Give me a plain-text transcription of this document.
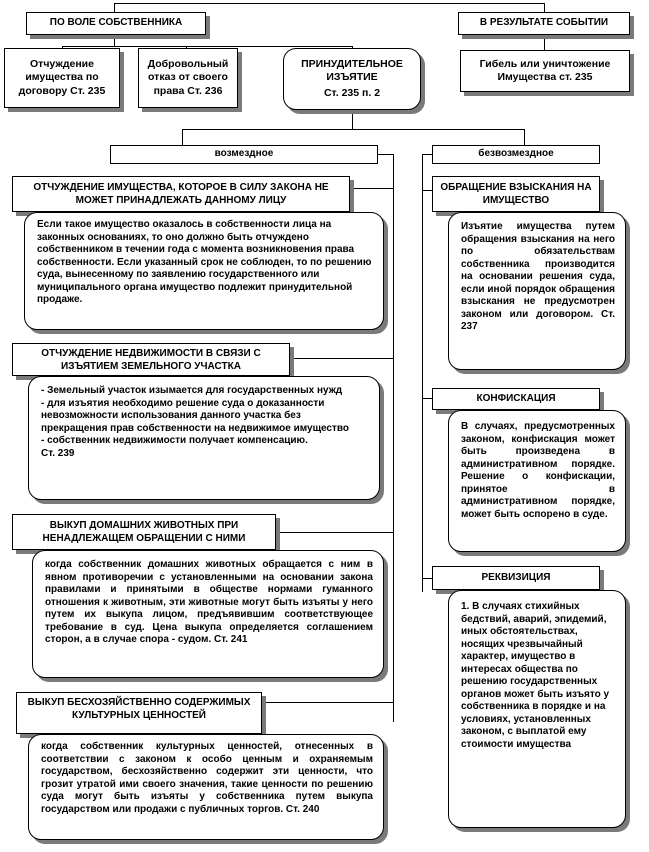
ПО ВОЛЕ СОБСТВЕННИКА	В РЕЗУЛЬТАТЕ СОБЫТИИ
Отчуждение имущества по договору Ст. 235
Добровольный отказ от своего права Ст. 236
ПРИНУДИТЕЛЬНОЕ ИЗЪЯТИЕ
Ст. 235 п. 2
Гибель или уничтожение Имущества ст. 235
возмездное	безвозмездное
ОТЧУЖДЕНИЕ ИМУЩЕСТВА, КОТОРОЕ В СИЛУ ЗАКОНА НЕ МОЖЕТ ПРИНАДЛЕЖАТЬ ДАННОМУ ЛИЦУ
Если такое имущество оказалось в собственности лица на законных основаниях, то оно должно быть отчуждено собственником в течении года с момента возникновения права собственности. Если указанный срок не соблюден, то по решению суда, вынесенному по заявлению государственного или муниципального органа имущество подлежит принудительной продаже.
ОТЧУЖДЕНИЕ НЕДВИЖИМОСТИ В СВЯЗИ С ИЗЪЯТИЕМ ЗЕМЕЛЬНОГО УЧАСТКА
- Земельный участок изымается для государственных нужд
- для изъятия необходимо решение суда о доказанности невозможности использования данного участка без прекращения прав собственности на недвижимое имущество
- собственник недвижимости получает компенсацию.
Ст. 239
ВЫКУП ДОМАШНИХ ЖИВОТНЫХ ПРИ НЕНАДЛЕЖАЩЕМ ОБРАЩЕНИИ С НИМИ
когда собственник домашних животных обращается с ним в явном противоречии с установленными на основании закона правилами и принятыми в обществе нормами гуманного отношения к животным, эти животные могут быть изъяты у него путем их выкупа лицом, предъявившим соответствующее требование в суд. Цена выкупа определяется соглашением сторон, а в случае спора - судом. Ст. 241
ВЫКУП БЕСХОЗЯЙСТВЕННО СОДЕРЖИМЫХ КУЛЬТУРНЫХ ЦЕННОСТЕЙ
когда собственник культурных ценностей, отнесенных в соответствии с законом к особо ценным и охраняемым государством, бесхозяйственно содержит эти ценности, что грозит утратой ими своего значения, такие ценности по решению суда могут быть изъяты у собственника путем выкупа государством или продажи с публичных торгов. Ст. 240
ОБРАЩЕНИЕ ВЗЫСКАНИЯ НА ИМУЩЕСТВО
Изъятие имущества путем обращения взыскания на него по обязательствам собственника производится на основании решения суда, если иной порядок обращения взыскания не предусмотрен законом или договором. Ст. 237
КОНФИСКАЦИЯ
В случаях, предусмотренных законом, конфискация может быть произведена в административном порядке. Решение о конфискации, принятое в административном порядке, может быть оспорено в суде.
РЕКВИЗИЦИЯ
1. В случаях стихийных бедствий, аварий, эпидемий, иных обстоятельствах, носящих чрезвычайный характер, имущество в интересах общества по решению государственных органов может быть изъято у собственника в порядке и на условиях, установленных законом, с выплатой ему стоимости имущества
